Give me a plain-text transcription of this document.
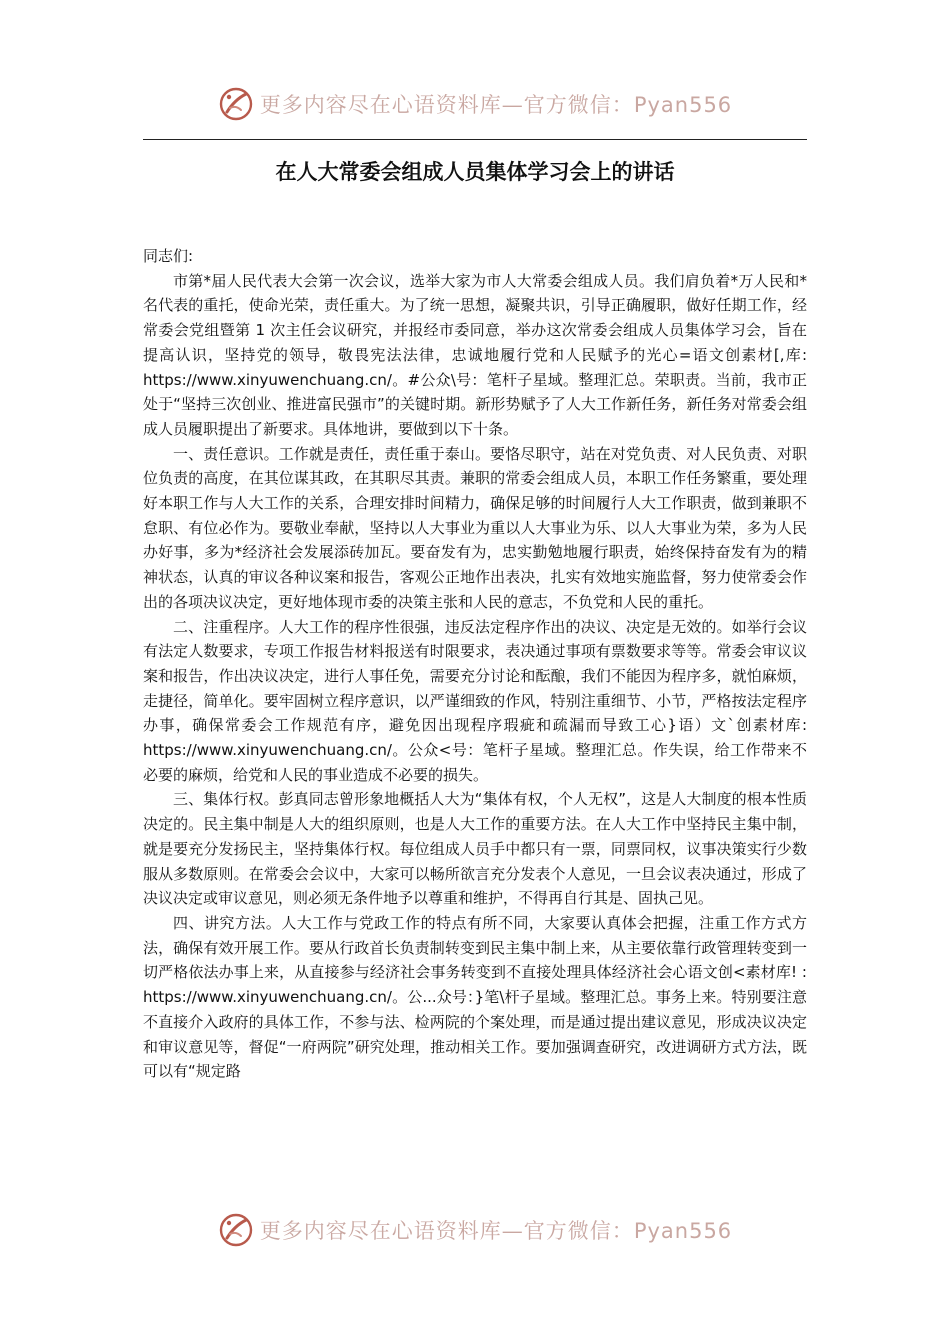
更多内容尽在心语资料库—官方微信：Pyan556
在人大常委会组成人员集体学习会上的讲话

同志们:

市第*届人民代表大会第一次会议，选举大家为市人大常委会组成人员。我们肩负着*万人民和*名代表的重托，使命光荣，责任重大。为了统一思想，凝聚共识，引导正确履职，做好任期工作，经常委会党组暨第 1 次主任会议研究，并报经市委同意，举办这次常委会组成人员集体学习会，旨在提高认识，坚持党的领导，敬畏宪法法律，忠诚地履行党和人民赋予的光心=语文创素材[,库: https://www.xinyuwenchuang.cn/。#公众\号：笔杆子星域。整理汇总。荣职责。当前，我市正处于“坚持三次创业、推进富民强市”的关键时期。新形势赋予了人大工作新任务，新任务对常委会组成人员履职提出了新要求。具体地讲，要做到以下十条。

一、责任意识。工作就是责任，责任重于泰山。要恪尽职守，站在对党负责、对人民负责、对职位负责的高度，在其位谋其政，在其职尽其责。兼职的常委会组成人员，本职工作任务繁重，要处理好本职工作与人大工作的关系，合理安排时间精力，确保足够的时间履行人大工作职责，做到兼职不怠职、有位必作为。要敬业奉献，坚持以人大事业为重以人大事业为乐、以人大事业为荣，多为人民办好事，多为*经济社会发展添砖加瓦。要奋发有为，忠实勤勉地履行职责，始终保持奋发有为的精神状态，认真的审议各种议案和报告，客观公正地作出表决，扎实有效地实施监督，努力使常委会作出的各项决议决定，更好地体现市委的决策主张和人民的意志，不负党和人民的重托。

二、注重程序。人大工作的程序性很强，违反法定程序作出的决议、决定是无效的。如举行会议有法定人数要求，专项工作报告材料报送有时限要求，表决通过事项有票数要求等等。常委会审议议案和报告，作出决议决定，进行人事任免，需要充分讨论和酝酿，我们不能因为程序多，就怕麻烦，走捷径，简单化。要牢固树立程序意识，以严谨细致的作风，特别注重细节、小节，严格按法定程序办事，确保常委会工作规范有序，避免因出现程序瑕疵和疏漏而导致工心}语）文`创素材库: https://www.xinyuwenchuang.cn/。公众<号：笔杆子星域。整理汇总。作失误，给工作带来不必要的麻烦，给党和人民的事业造成不必要的损失。

三、集体行权。彭真同志曾形象地概括人大为“集体有权，个人无权”，这是人大制度的根本性质决定的。民主集中制是人大的组织原则，也是人大工作的重要方法。在人大工作中坚持民主集中制，就是要充分发扬民主，坚持集体行权。每位组成人员手中都只有一票，同票同权，议事决策实行少数服从多数原则。在常委会会议中，大家可以畅所欲言充分发表个人意见，一旦会议表决通过，形成了决议决定或审议意见，则必须无条件地予以尊重和维护，不得再自行其是、固执己见。

四、讲究方法。人大工作与党政工作的特点有所不同，大家要认真体会把握，注重工作方式方法，确保有效开展工作。要从行政首长负责制转变到民主集中制上来，从主要依靠行政管理转变到一切严格依法办事上来，从直接参与经济社会事务转变到不直接处理具体经济社会心语文创<素材库! : https://www.xinyuwenchuang.cn/。公...众号：}笔\杆子星域。整理汇总。事务上来。特别要注意不直接介入政府的具体工作，不参与法、检两院的个案处理，而是通过提出建议意见，形成决议决定和审议意见等，督促“一府两院”研究处理，推动相关工作。要加强调查研究，改进调研方式方法，既可以有“规定路

更多内容尽在心语资料库—官方微信：Pyan556
